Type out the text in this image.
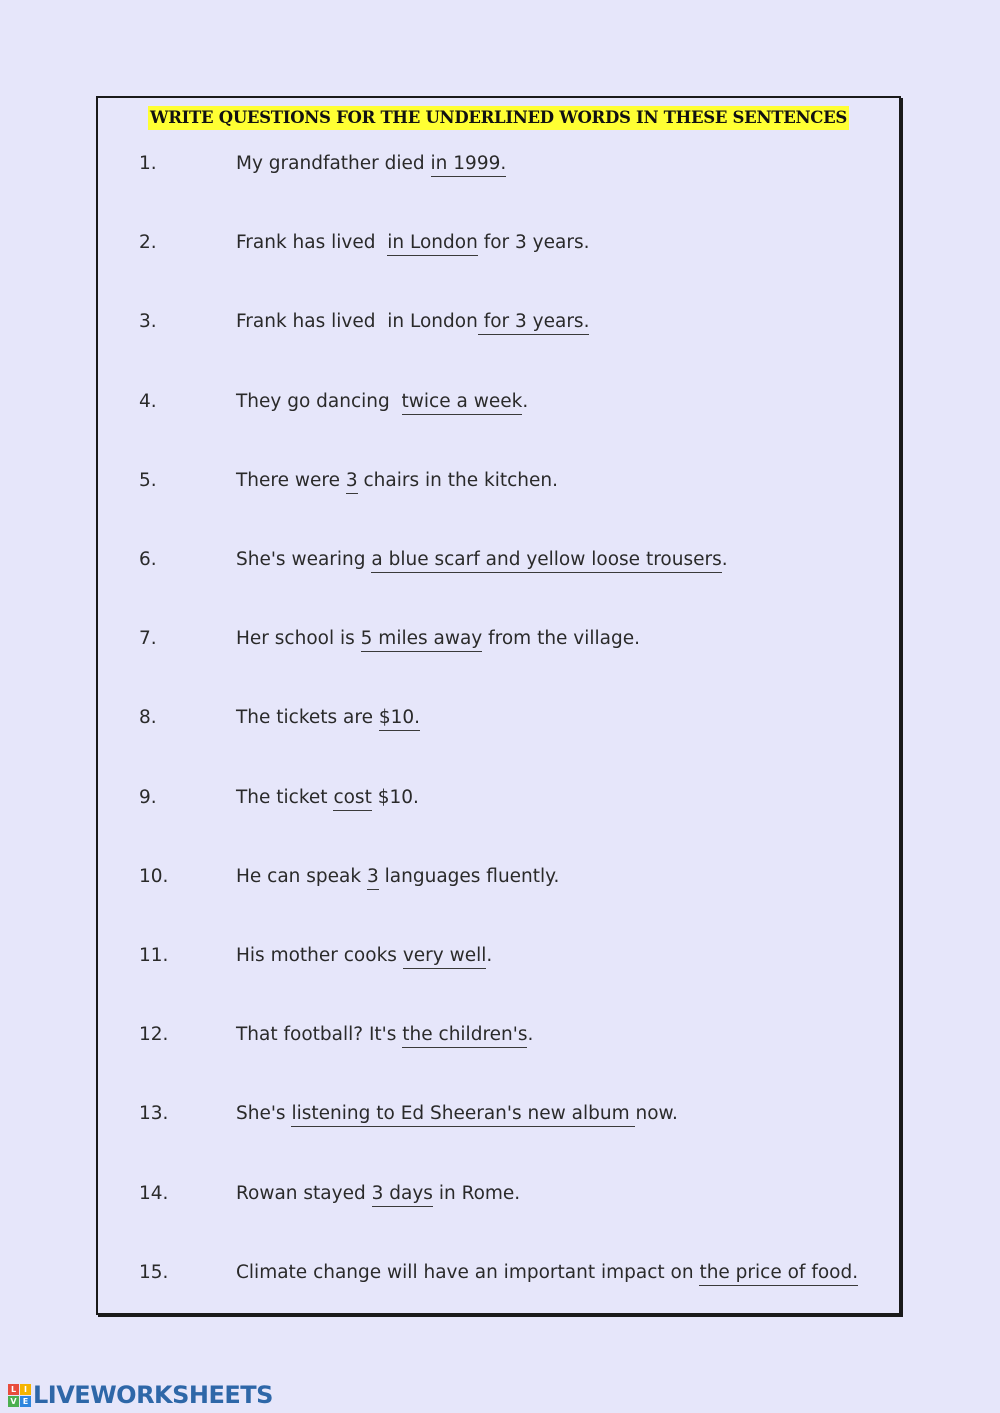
WRITE QUESTIONS FOR THE UNDERLINED WORDS IN THESE SENTENCES
1.	My grandfather died in 1999.
2.	Frank has lived  in London for 3 years.
3.	Frank has lived  in London for 3 years.
4.	They go dancing  twice a week.
5.	There were 3 chairs in the kitchen.
6.	She's wearing a blue scarf and yellow loose trousers.
7.	Her school is 5 miles away from the village.
8.	The tickets are $10.
9.	The ticket cost $10.
10.	He can speak 3 languages fluently.
11.	His mother cooks very well.
12.	That football? It's the children's.
13.	She's listening to Ed Sheeran's new album now.
14.	Rowan stayed 3 days in Rome.
15.	Climate change will have an important impact on the price of food.
L I
V E LIVEWORKSHEETS
